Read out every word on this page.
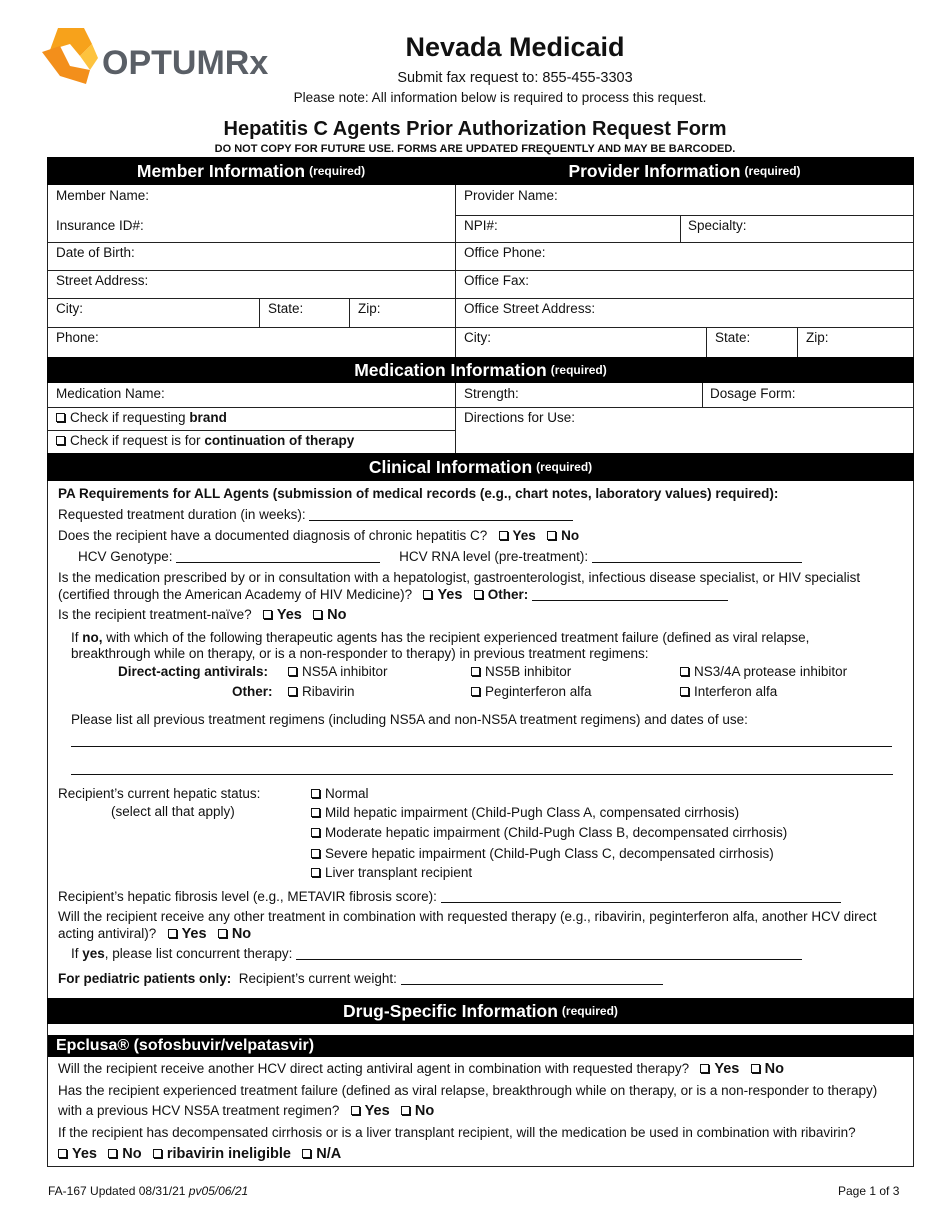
OPTUMRx	Nevada Medicaid
Submit fax request to: 855-455-3303
Please note: All information below is required to process this request.
Hepatitis C Agents Prior Authorization Request Form
DO NOT COPY FOR FUTURE USE. FORMS ARE UPDATED FREQUENTLY AND MAY BE BARCODED.
Member Information (required)	Provider Information (required)
Member Name:
Insurance ID#:
Date of Birth:
Street Address:
City:	State:	Zip:
Phone:
Provider Name:
NPI#:	Specialty:
Office Phone:
Office Fax:
Office Street Address:
City:	State:	Zip:
Medication Information (required)
Medication Name:	Strength:	Dosage Form:
Check if requesting brand
Check if request is for continuation of therapy
Directions for Use:
Clinical Information (required)
PA Requirements for ALL Agents (submission of medical records (e.g., chart notes, laboratory values) required):
Requested treatment duration (in weeks):
Does the recipient have a documented diagnosis of chronic hepatitis C? Yes No
HCV Genotype:	HCV RNA level (pre-treatment):
Is the medication prescribed by or in consultation with a hepatologist, gastroenterologist, infectious disease specialist, or HIV specialist
(certified through the American Academy of HIV Medicine)? Yes Other:
Is the recipient treatment-naïve? Yes No
If no, with which of the following therapeutic agents has the recipient experienced treatment failure (defined as viral relapse,
breakthrough while on therapy, or is a non-responder to therapy) in previous treatment regimens:
Direct-acting antivirals:	NS5A inhibitor	NS5B inhibitor	NS3/4A protease inhibitor
Other:	Ribavirin	Peginterferon alfa	Interferon alfa
Please list all previous treatment regimens (including NS5A and non-NS5A treatment regimens) and dates of use:
Recipient’s current hepatic status:
(select all that apply)
Normal
Mild hepatic impairment (Child-Pugh Class A, compensated cirrhosis)
Moderate hepatic impairment (Child-Pugh Class B, decompensated cirrhosis)
Severe hepatic impairment (Child-Pugh Class C, decompensated cirrhosis)
Liver transplant recipient
Recipient’s hepatic fibrosis level (e.g., METAVIR fibrosis score):
Will the recipient receive any other treatment in combination with requested therapy (e.g., ribavirin, peginterferon alfa, another HCV direct
acting antiviral)? Yes No
If yes, please list concurrent therapy:
For pediatric patients only: Recipient’s current weight:
Drug-Specific Information (required)
Epclusa® (sofosbuvir/velpatasvir)
Will the recipient receive another HCV direct acting antiviral agent in combination with requested therapy? Yes No
Has the recipient experienced treatment failure (defined as viral relapse, breakthrough while on therapy, or is a non-responder to therapy)
with a previous HCV NS5A treatment regimen? Yes No
If the recipient has decompensated cirrhosis or is a liver transplant recipient, will the medication be used in combination with ribavirin?
Yes No ribavirin ineligible N/A
FA-167 Updated 08/31/21 pv05/06/21	Page 1 of 3
